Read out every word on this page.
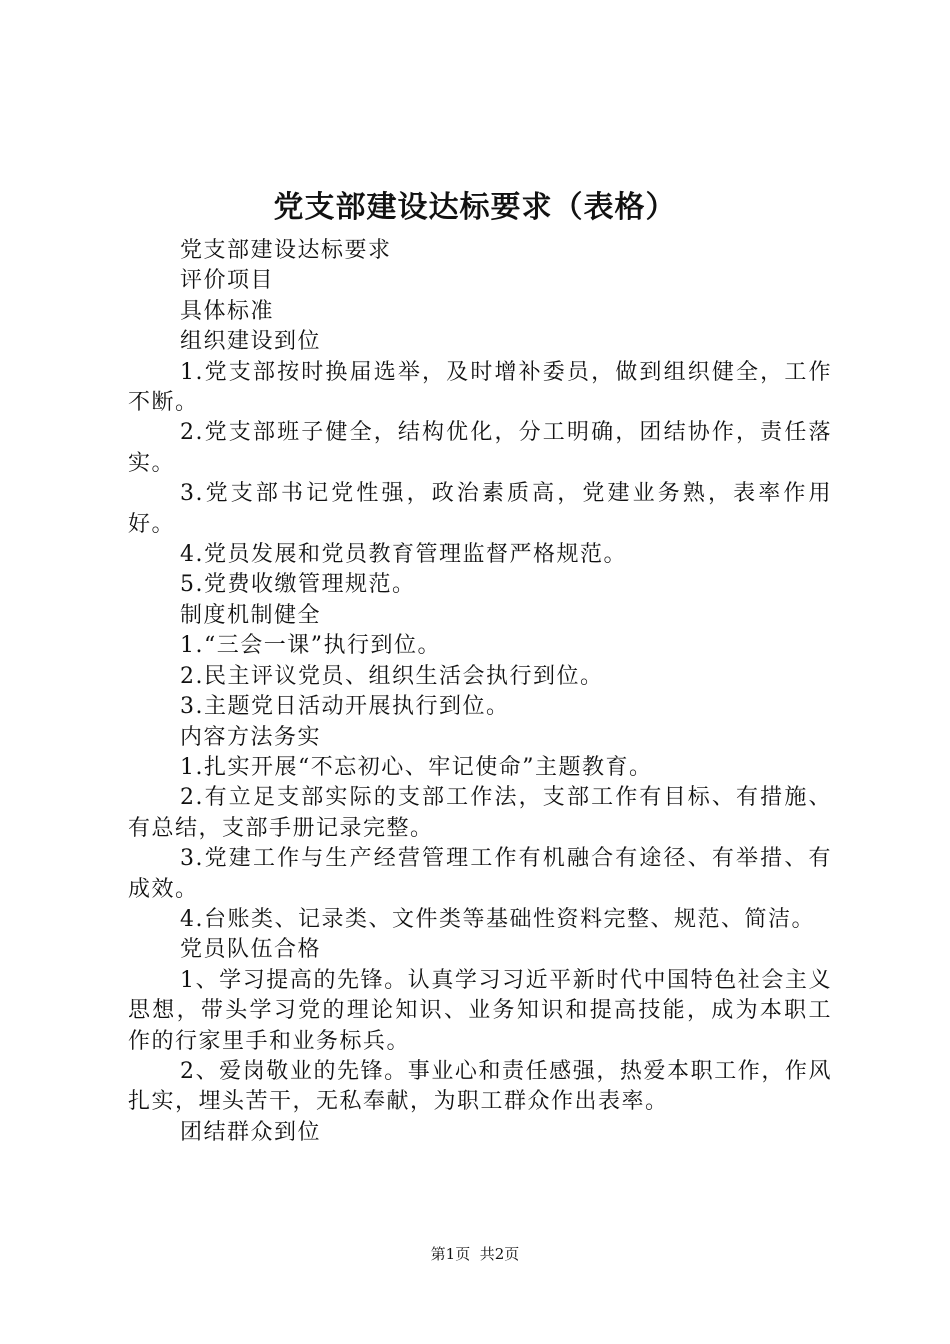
党支部建设达标要求（表格）

党支部建设达标要求

评价项目

具体标准

组织建设到位

1.党支部按时换届选举，及时增补委员，做到组织健全，工作不断。

2.党支部班子健全，结构优化，分工明确，团结协作，责任落实。

3.党支部书记党性强，政治素质高，党建业务熟，表率作用好。

4.党员发展和党员教育管理监督严格规范。

5.党费收缴管理规范。

制度机制健全

1.“三会一课”执行到位。

2.民主评议党员、组织生活会执行到位。

3.主题党日活动开展执行到位。

内容方法务实

1.扎实开展“不忘初心、牢记使命”主题教育。

2.有立足支部实际的支部工作法，支部工作有目标、有措施、有总结，支部手册记录完整。

3.党建工作与生产经营管理工作有机融合有途径、有举措、有成效。

4.台账类、记录类、文件类等基础性资料完整、规范、简洁。

党员队伍合格

1、学习提高的先锋。认真学习习近平新时代中国特色社会主义思想，带头学习党的理论知识、业务知识和提高技能，成为本职工作的行家里手和业务标兵。

2、爱岗敬业的先锋。事业心和责任感强，热爱本职工作，作风扎实，埋头苦干，无私奉献，为职工群众作出表率。

团结群众到位

第1页 共2页
